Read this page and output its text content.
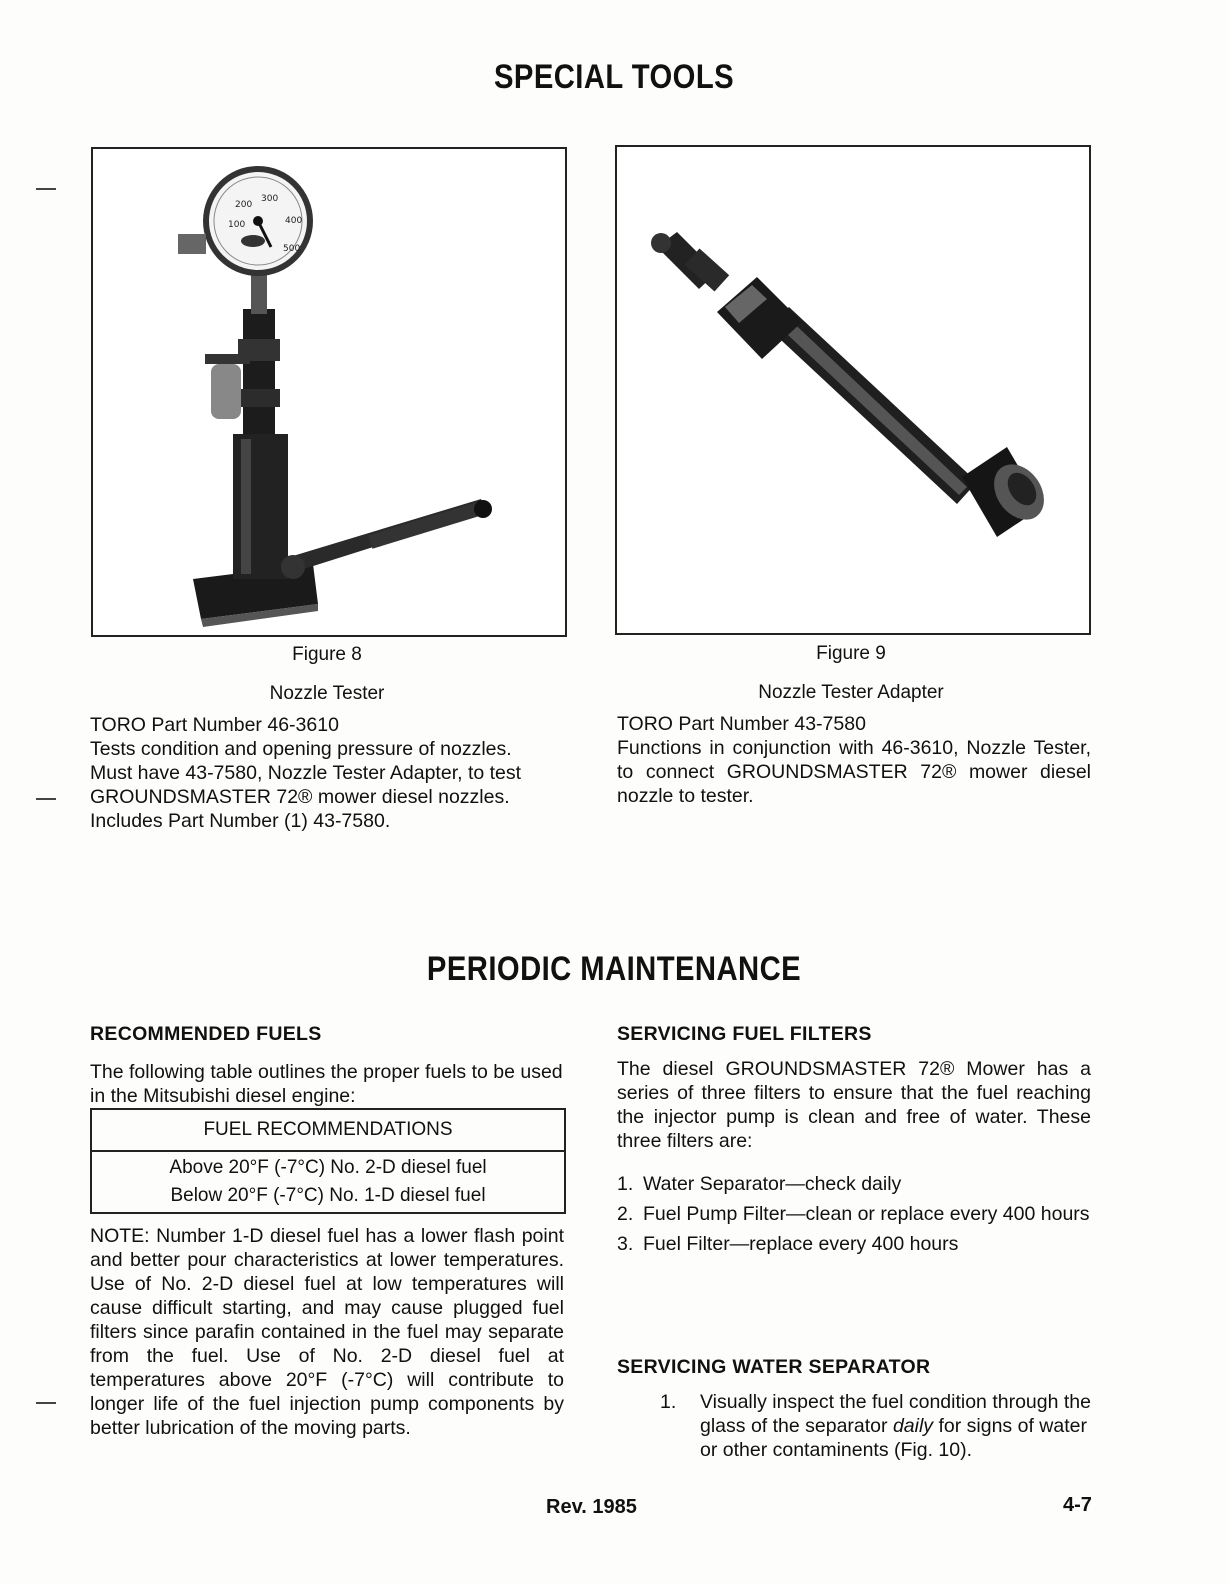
SPECIAL TOOLS
200
300
100	400
500
Figure 8
Nozzle Tester
TORO Part Number 46-3610
Tests condition and opening pressure of nozzles.
Must have 43-7580, Nozzle Tester Adapter, to test
GROUNDSMASTER 72® mower diesel nozzles.
Includes Part Number (1) 43-7580.
Figure 9
Nozzle Tester Adapter
TORO Part Number 43-7580
Functions in conjunction with 46-3610, Nozzle Tester, to connect GROUNDSMASTER 72® mower diesel nozzle to tester.
PERIODIC MAINTENANCE
RECOMMENDED FUELS
The following table outlines the proper fuels to be used in the Mitsubishi diesel engine:
FUEL RECOMMENDATIONS
Above 20°F (-7°C) No. 2-D diesel fuel
Below 20°F (-7°C) No. 1-D diesel fuel
NOTE: Number 1-D diesel fuel has a lower flash point and better pour characteristics at lower temperatures. Use of No. 2-D diesel fuel at low temperatures will cause difficult starting, and may cause plugged fuel filters since parafin contained in the fuel may separate from the fuel. Use of No. 2-D diesel fuel at temperatures above 20°F (-7°C) will contribute to longer life of the fuel injection pump components by better lubrication of the moving parts.
SERVICING FUEL FILTERS
The diesel GROUNDSMASTER 72® Mower has a series of three filters to ensure that the fuel reaching the injector pump is clean and free of water. These three filters are:
1. Water Separator—check daily
2. Fuel Pump Filter—clean or replace every 400 hours
3. Fuel Filter—replace every 400 hours
SERVICING WATER SEPARATOR
1.	Visually inspect the fuel condition through the glass of the separator daily for signs of water or other contaminents (Fig. 10).
Rev. 1985	4-7
